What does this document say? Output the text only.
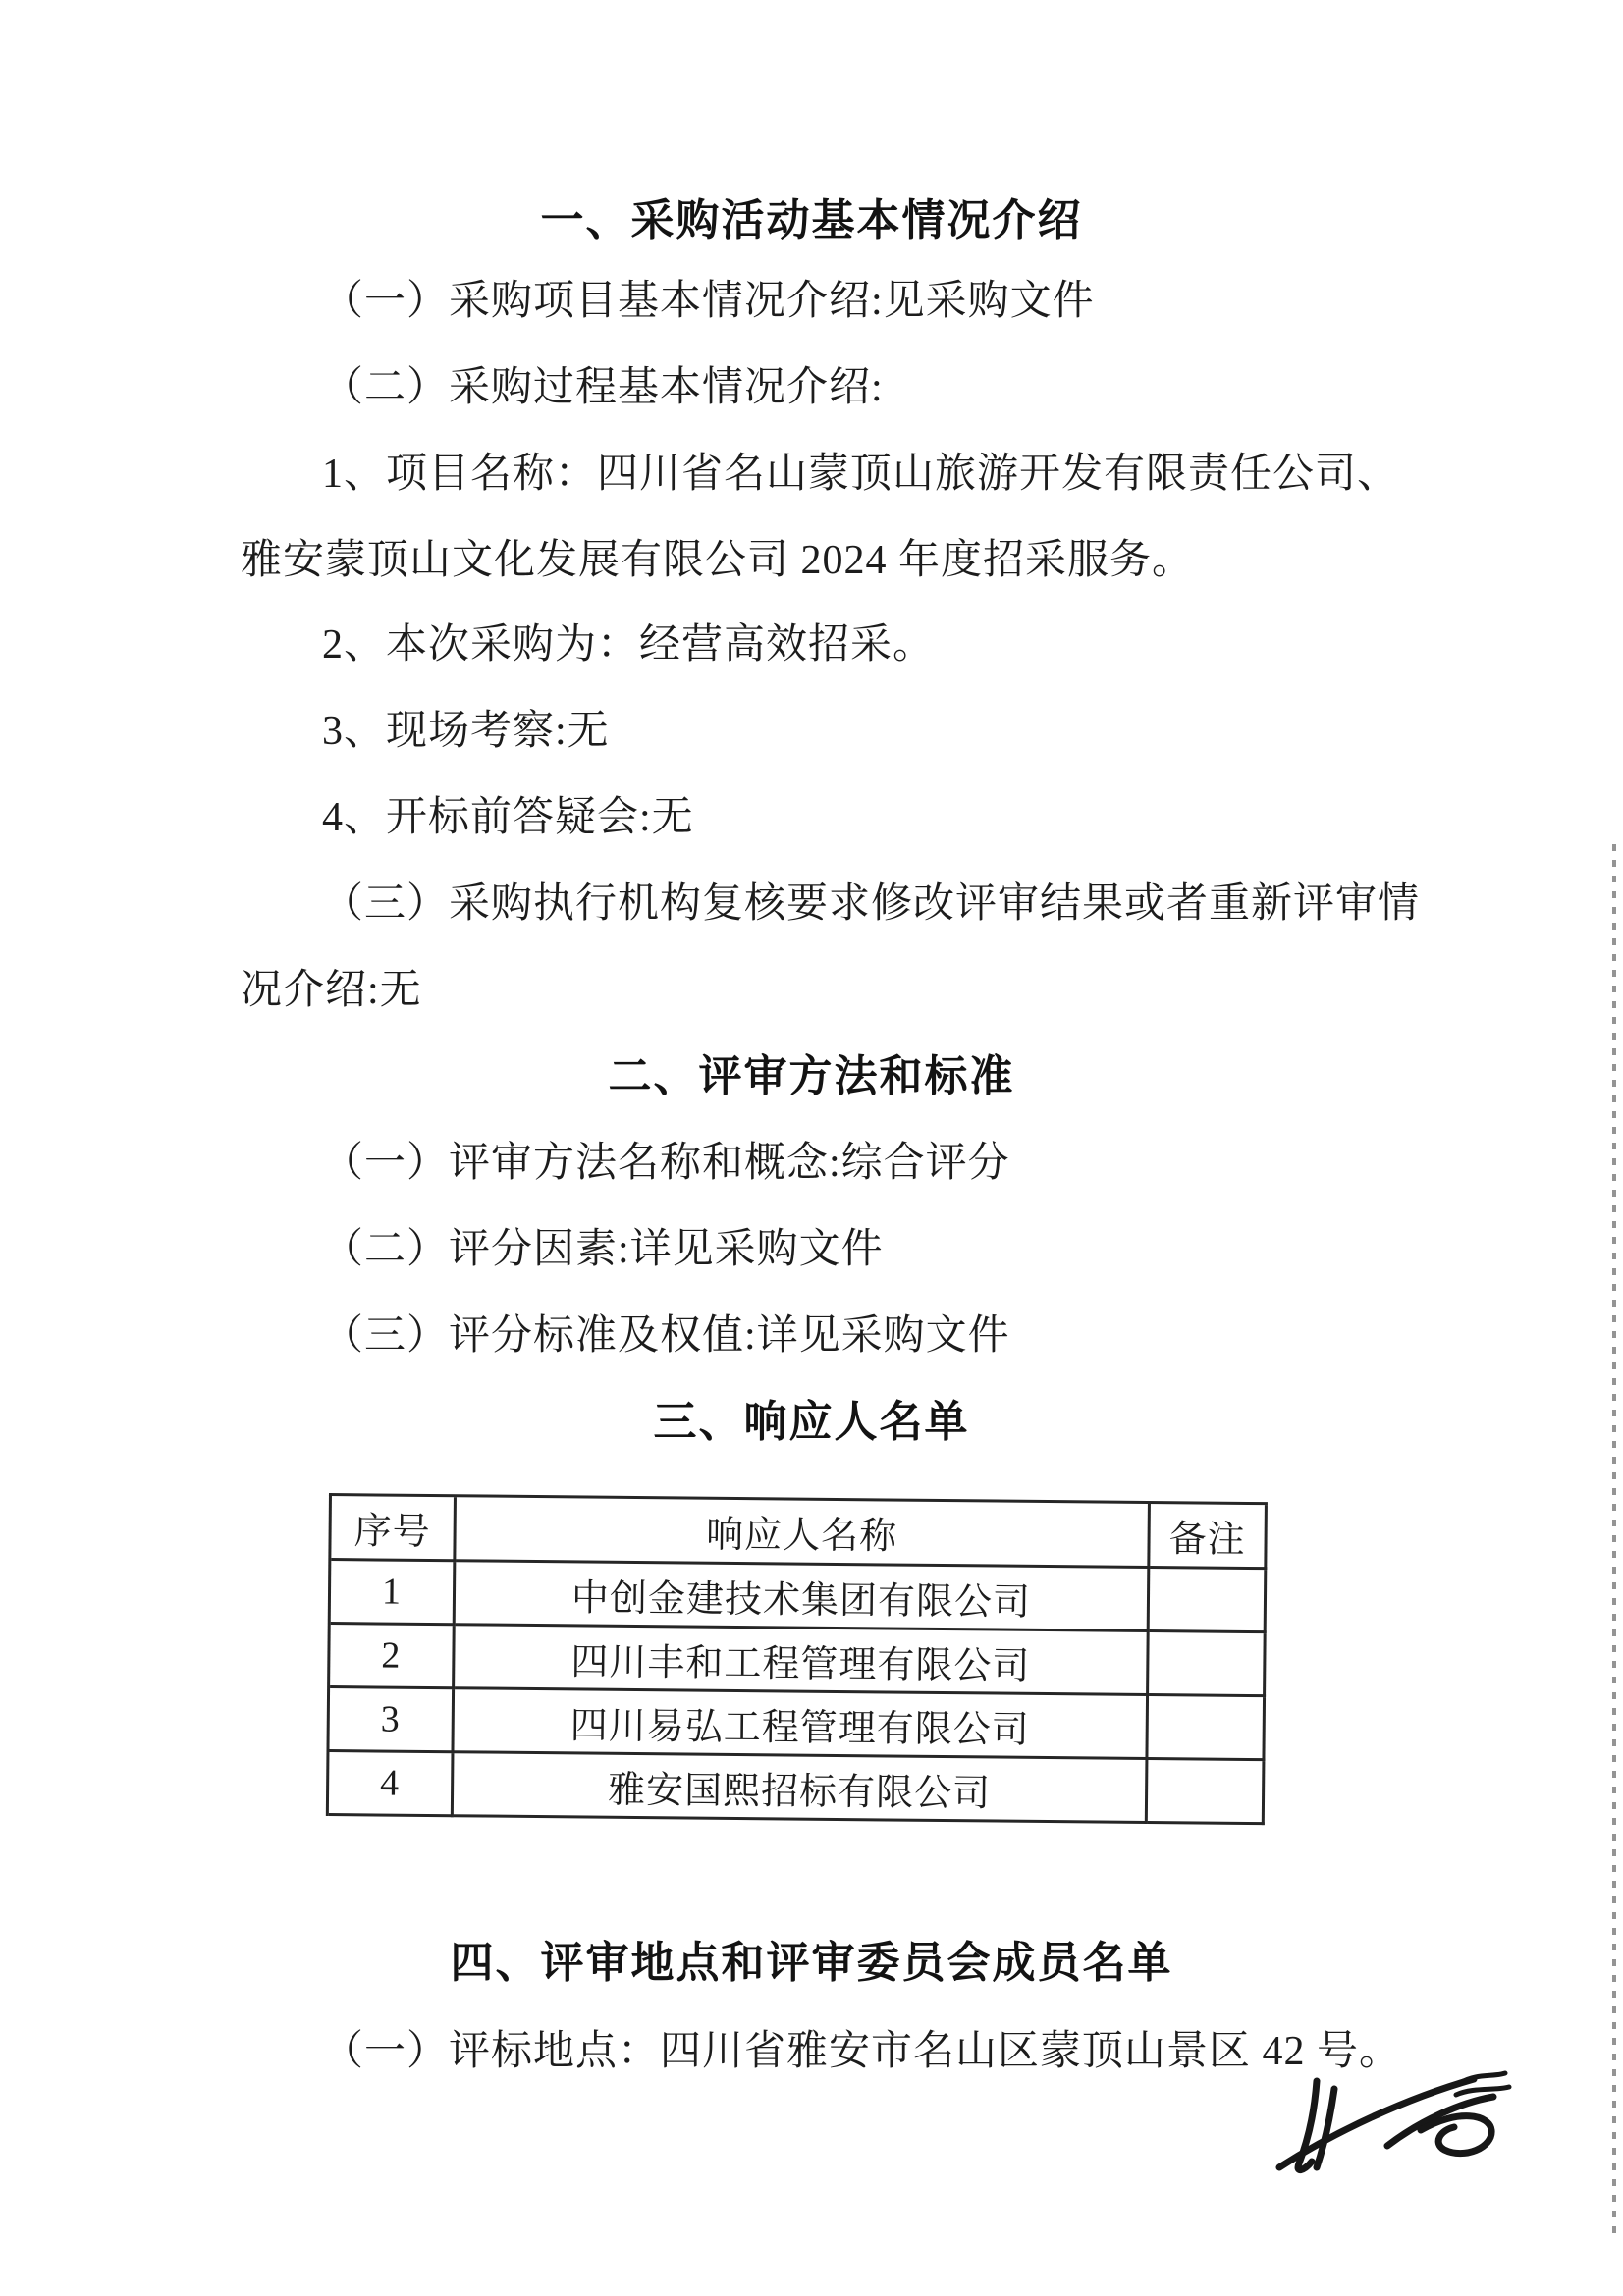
一、采购活动基本情况介绍
（一）采购项目基本情况介绍:见采购文件
（二）采购过程基本情况介绍:
1、项目名称：四川省名山蒙顶山旅游开发有限责任公司、
雅安蒙顶山文化发展有限公司 2024 年度招采服务。
2、本次采购为：经营高效招采。
3、现场考察:无
4、开标前答疑会:无
（三）采购执行机构复核要求修改评审结果或者重新评审情
况介绍:无
二、评审方法和标准
（一）评审方法名称和概念:综合评分
（二）评分因素:详见采购文件
（三）评分标准及权值:详见采购文件
三、响应人名单
序号	响应人名称	备注
1	中创金建技术集团有限公司
2	四川丰和工程管理有限公司
3	四川易弘工程管理有限公司
4	雅安国熙招标有限公司
四、评审地点和评审委员会成员名单
（一）评标地点：四川省雅安市名山区蒙顶山景区 42 号。
